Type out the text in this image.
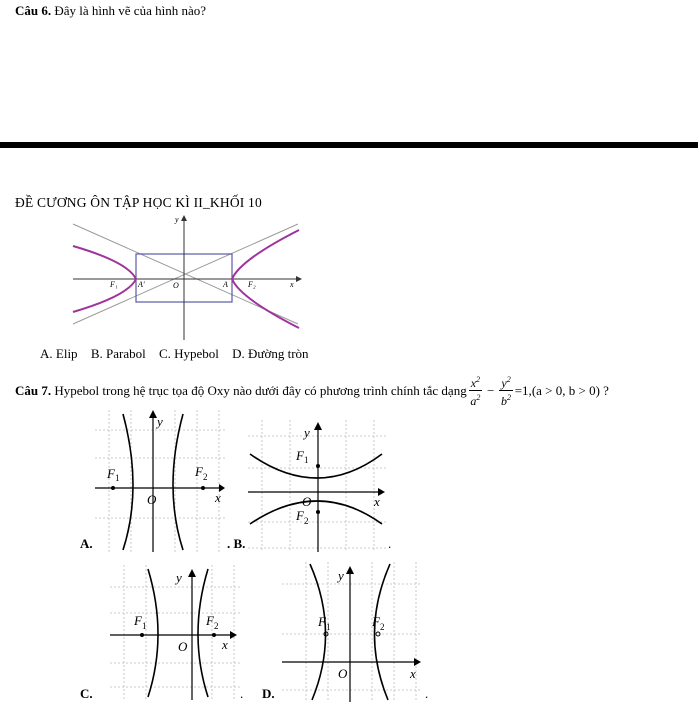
Câu 6. Đây là hình vẽ của hình nào?
ĐỀ CƯƠNG ÔN TẬP HỌC KÌ II_KHỐI 10
y
x
F₁	A'	O	A	F₂
A. Elip B. Parabol C. Hypebol D. Đường tròn
Câu 7.
Hypebol trong hệ trục tọa độ Oxy nào dưới đây có phương trình chính tắc dạng $\frac{x^2}{a^2} - \frac{y^2}{b^2} =1$, (a > 0, b > 0)
?
y
F 1	F 2
O	x
A.
y
F 1
O	x
F 2
. B.	.
y
F 1	F 2
O	x
C.	.
y
F 1	F 2
O	x
D.	.
